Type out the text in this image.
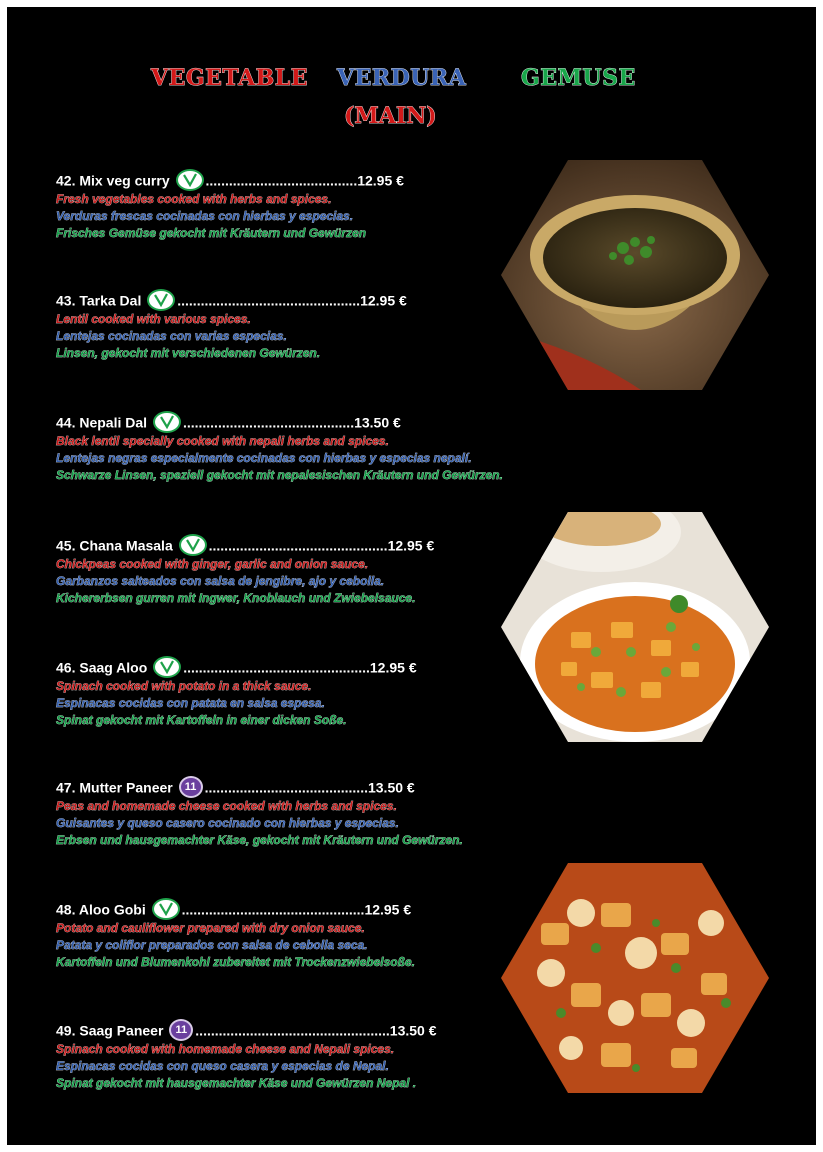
VEGETABLE VERDURA GEMUSE
(MAIN)
42. Mix veg curry	.......................................12.95 €
Fresh vegetables cooked with herbs and spices.
Verduras frescas cocinadas con hierbas y especias.
Frisches Gemüse gekocht mit Kräutern und Gewürzen
43. Tarka Dal	...............................................12.95 €
Lentil cooked with various spices.
Lentejas cocinadas con varias especias.
Linsen, gekocht mit verschiedenen Gewürzen.
44. Nepali Dal	............................................13.50 €
Black lentil specially cooked with nepali herbs and spices.
Lentejas negras especialmente cocinadas con hierbas y especias nepalí.
Schwarze Linsen, speziell gekocht mit nepalesischen Kräutern und Gewürzen.
45. Chana Masala	..............................................12.95 €
Chickpeas cooked with ginger, garlic and onion sauce.
Garbanzos salteados con salsa de jengibre, ajo y cebolla.
Kichererbsen gurren mit Ingwer, Knoblauch und Zwiebelsauce.
46. Saag Aloo	................................................12.95 €
Spinach cooked with potato in a thick sauce.
Espinacas cocidas con patata en salsa espesa.
Spinat gekocht mit Kartoffeln in einer dicken Soße.
47. Mutter Paneer 11 ..........................................13.50 €
Peas and homemade cheese cooked with herbs and spices.
Guisantes y queso casero cocinado con hierbas y especias.
Erbsen und hausgemachter Käse, gekocht mit Kräutern und Gewürzen.
48. Aloo Gobi	...............................................12.95 €
Potato and cauliflower prepared with dry onion sauce.
Patata y coliflor preparados con salsa de cebolla seca.
Kartoffeln und Blumenkohl zubereitet mit Trockenzwiebelsoße.
49. Saag Paneer 11 ..................................................13.50 €
Spinach cooked with homemade cheese and Nepali spices.
Espinacas cocidas con queso casera y especias de Nepal.
Spinat gekocht mit hausgemachter Käse und Gewürzen Nepal .
